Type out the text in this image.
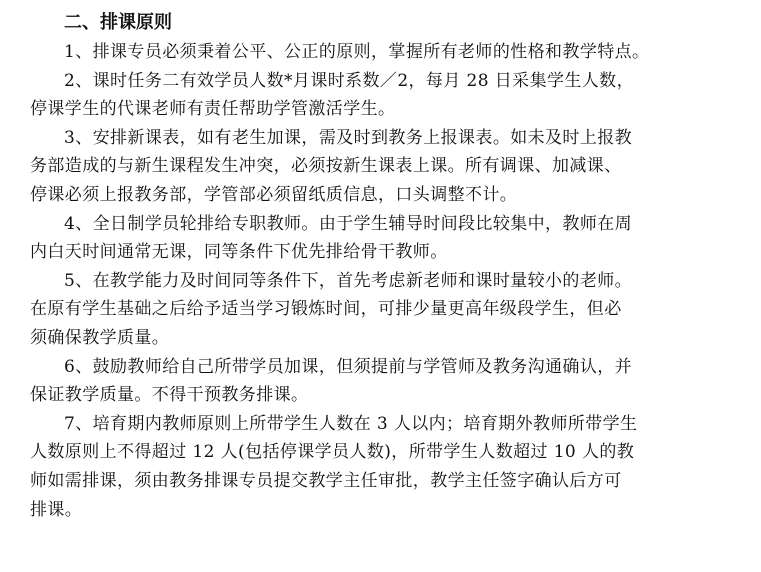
二、排课原则

1、排课专员必须秉着公平、公正的原则，掌握所有老师的性格和教学特点。

2、课时任务二有效学员人数*月课时系数／2，每月 28 日采集学生人数，
停课学生的代课老师有责任帮助学管激活学生。

3、安排新课表，如有老生加课，需及时到教务上报课表。如未及时上报教
务部造成的与新生课程发生冲突，必须按新生课表上课。所有调课、加减课、
停课必须上报教务部，学管部必须留纸质信息，口头调整不计。

4、全日制学员轮排给专职教师。由于学生辅导时间段比较集中，教师在周
内白天时间通常无课，同等条件下优先排给骨干教师。

5、在教学能力及时间同等条件下，首先考虑新老师和课时量较小的老师。
在原有学生基础之后给予适当学习锻炼时间，可排少量更高年级段学生，但必
须确保教学质量。

6、鼓励教师给自己所带学员加课，但须提前与学管师及教务沟通确认，并
保证教学质量。不得干预教务排课。

7、培育期内教师原则上所带学生人数在 3 人以内；培育期外教师所带学生
人数原则上不得超过 12 人(包括停课学员人数)，所带学生人数超过 10 人的教
师如需排课，须由教务排课专员提交教学主任审批，教学主任签字确认后方可
排课。
